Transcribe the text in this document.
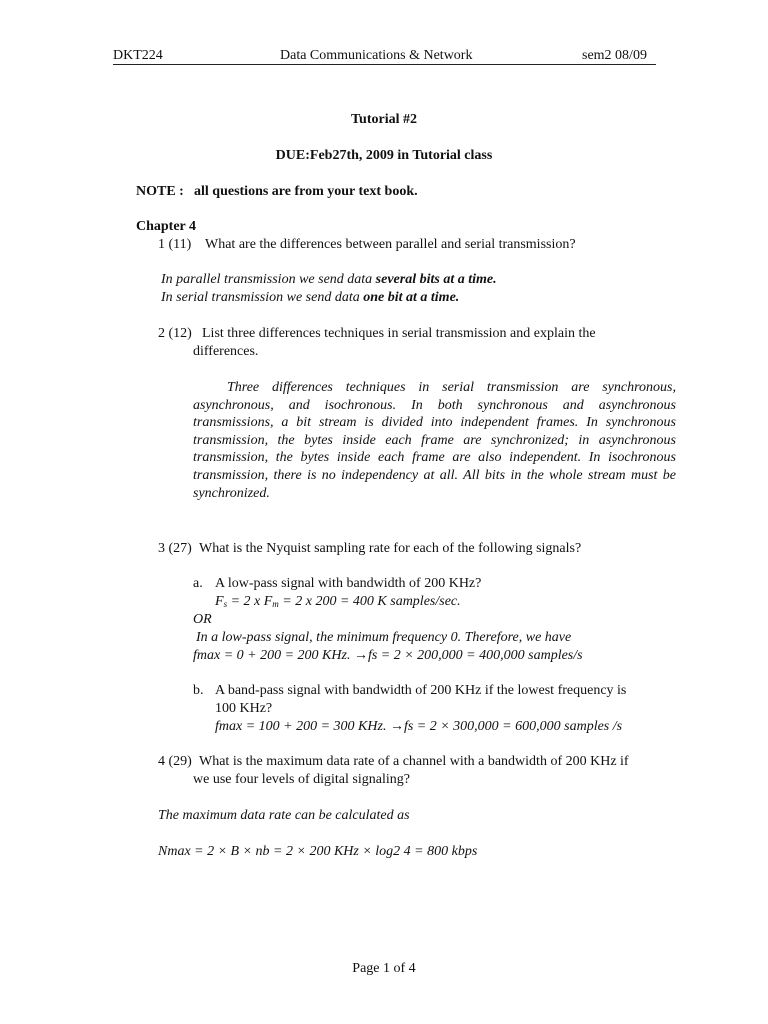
DKT224	Data Communications & Network	sem2 08/09
Tutorial #2
DUE:Feb27th, 2009 in Tutorial class
NOTE : all questions are from your text book.
Chapter 4
1 (11) What are the differences between parallel and serial transmission?
In parallel transmission we send data several bits at a time.
In serial transmission we send data one bit at a time.
2 (12) List three differences techniques in serial transmission and explain the
differences.
Three differences techniques in serial transmission are synchronous, asynchronous, and isochronous. In both synchronous and asynchronous transmissions, a bit stream is divided into independent frames. In synchronous transmission, the bytes inside each frame are synchronized; in asynchronous transmission, the bytes inside each frame are also independent. In isochronous transmission, there is no independency at all. All bits in the whole stream must be synchronized.
3 (27) What is the Nyquist sampling rate for each of the following signals?
a. A low-pass signal with bandwidth of 200 KHz?
$F_s = 2$ x $F_m = 2$ x 200 = 400 K samples/sec.
OR
In a low-pass signal, the minimum frequency 0. Therefore, we have
fmax = 0 + 200 = 200 KHz. →fs = 2 × 200,000 = 400,000 samples/s
b. A band-pass signal with bandwidth of 200 KHz if the lowest frequency is
100 KHz?
fmax = 100 + 200 = 300 KHz. →fs = 2 × 300,000 = 600,000 samples /s
4 (29) What is the maximum data rate of a channel with a bandwidth of 200 KHz if
we use four levels of digital signaling?
The maximum data rate can be calculated as
Nmax = 2 × B × nb = 2 × 200 KHz × log2 4 = 800 kbps
Page 1 of 4
